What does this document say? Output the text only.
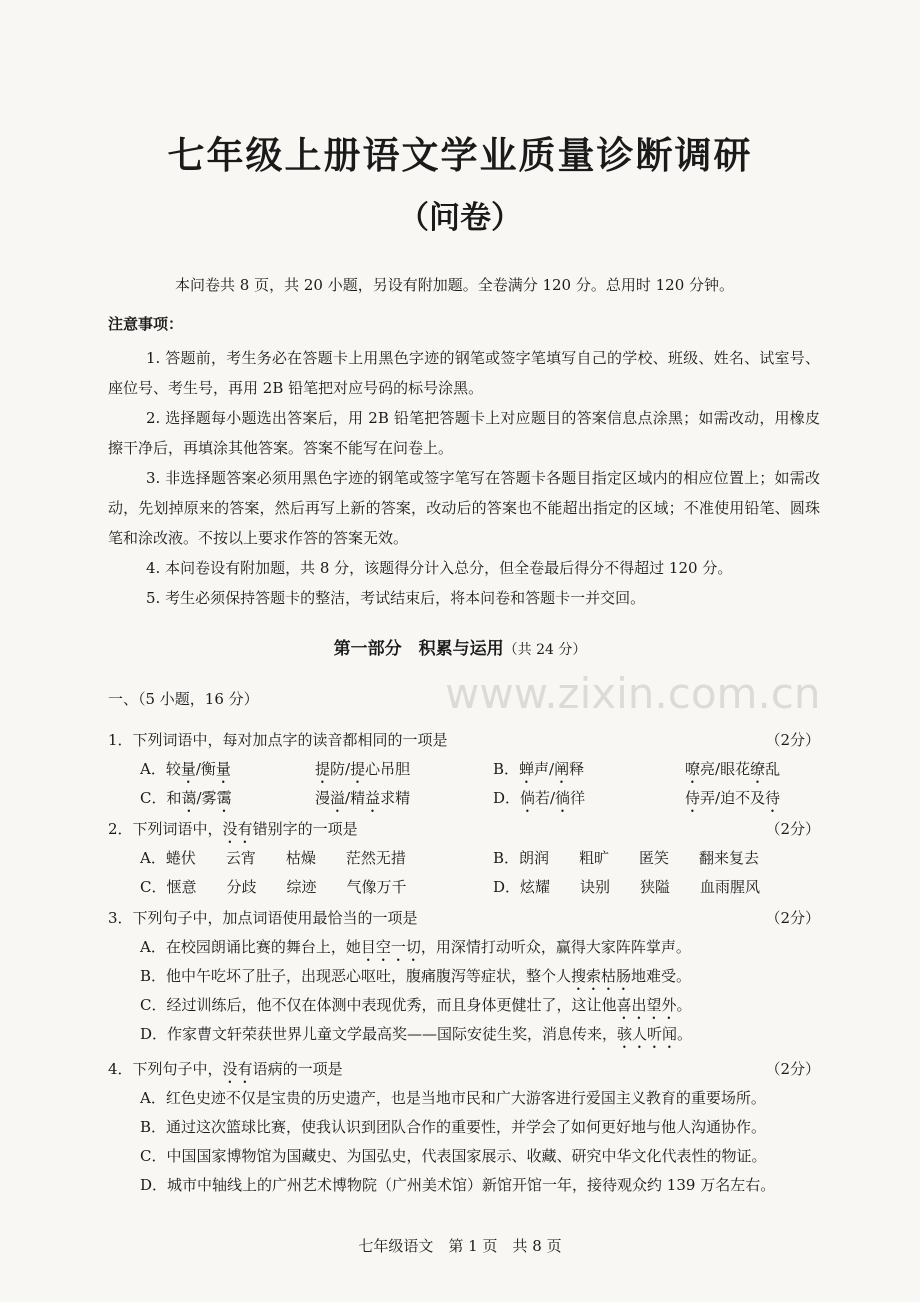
七年级上册语文学业质量诊断调研
（问卷）
本问卷共 8 页，共 20 小题，另设有附加题。全卷满分 120 分。总用时 120 分钟。
注意事项：

1. 答题前，考生务必在答题卡上用黑色字迹的钢笔或签字笔填写自己的学校、班级、姓名、试室号、座位号、考生号，再用 2B 铅笔把对应号码的标号涂黑。

2. 选择题每小题选出答案后，用 2B 铅笔把答题卡上对应题目的答案信息点涂黑；如需改动，用橡皮擦干净后，再填涂其他答案。答案不能写在问卷上。

3. 非选择题答案必须用黑色字迹的钢笔或签字笔写在答题卡各题目指定区域内的相应位置上；如需改动，先划掉原来的答案，然后再写上新的答案，改动后的答案也不能超出指定的区域；不准使用铅笔、圆珠笔和涂改液。不按以上要求作答的答案无效。

4. 本问卷设有附加题，共 8 分，该题得分计入总分，但全卷最后得分不得超过 120 分。

5. 考生必须保持答题卡的整洁，考试结束后，将本问卷和答题卡一并交回。

www.zixin.com.cn
第一部分　积累与运用（共 24 分）
一、（5 小题，16 分）
1．下列词语中，每对加点字的读音都相同的一项是	（2分）
A．较量/衡量	提防/提心吊胆	B．蝉声/阐释	嘹亮/眼花缭乱
C．和蔼/雾霭	漫溢/精益求精	D．倘若/徜徉	侍弄/迫不及待
2．下列词语中，没有错别字的一项是	（2分）
A．蜷伏　　云宵　　枯燥　　茫然无措	B．朗润　　粗旷　　匿笑　　翻来复去
C．惬意　　分歧　　综迹　　气像万千	D．炫耀　　诀别　　狭隘　　血雨腥风
3．下列句子中，加点词语使用最恰当的一项是	（2分）
A．在校园朗诵比赛的舞台上，她目空一切，用深情打动听众，赢得大家阵阵掌声。
B．他中午吃坏了肚子，出现恶心呕吐，腹痛腹泻等症状，整个人搜索枯肠地难受。
C．经过训练后，他不仅在体测中表现优秀，而且身体更健壮了，这让他喜出望外。
D．作家曹文轩荣获世界儿童文学最高奖——国际安徒生奖，消息传来，骇人听闻。
4．下列句子中，没有语病的一项是	（2分）
A．红色史迹不仅是宝贵的历史遗产，也是当地市民和广大游客进行爱国主义教育的重要场所。
B．通过这次篮球比赛，使我认识到团队合作的重要性，并学会了如何更好地与他人沟通协作。
C．中国国家博物馆为国藏史、为国弘史，代表国家展示、收藏、研究中华文化代表性的物证。
D．城市中轴线上的广州艺术博物院（广州美术馆）新馆开馆一年，接待观众约 139 万名左右。
七年级语文　第 1 页　共 8 页
